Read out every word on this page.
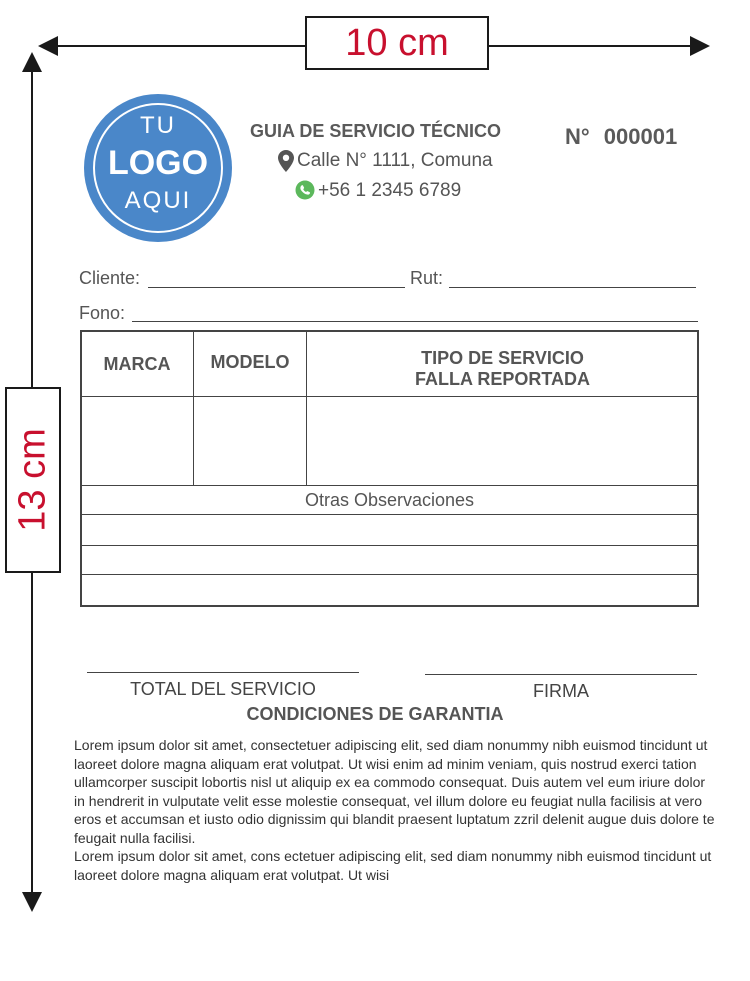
10 cm
13 cm
TU
LOGO
AQUI
GUIA DE SERVICIO TÉCNICO	N° 000001
Calle N° 1111, Comuna
+56 1 2345 6789
Cliente:	Rut:
Fono:
MARCA	MODELO	TIPO DE SERVICIO
FALLA REPORTADA
Otras Observaciones
TOTAL DEL SERVICIO	FIRMA
CONDICIONES DE GARANTIA

Lorem ipsum dolor sit amet, consectetuer adipiscing elit, sed diam nonummy nibh euismod tincidunt ut laoreet dolore magna aliquam erat volutpat. Ut wisi enim ad minim veniam, quis nostrud exerci tation ullamcorper suscipit lobortis nisl ut aliquip ex ea commodo consequat. Duis autem vel eum iriure dolor in hendrerit in vulputate velit esse molestie consequat, vel illum dolore eu feugiat nulla facilisis at vero eros et accumsan et iusto odio dignissim qui blandit praesent luptatum zzril delenit augue duis dolore te feugait nulla facilisi.

Lorem ipsum dolor sit amet, cons ectetuer adipiscing elit, sed diam nonummy nibh euismod tincidunt ut laoreet dolore magna aliquam erat volutpat. Ut wisi
